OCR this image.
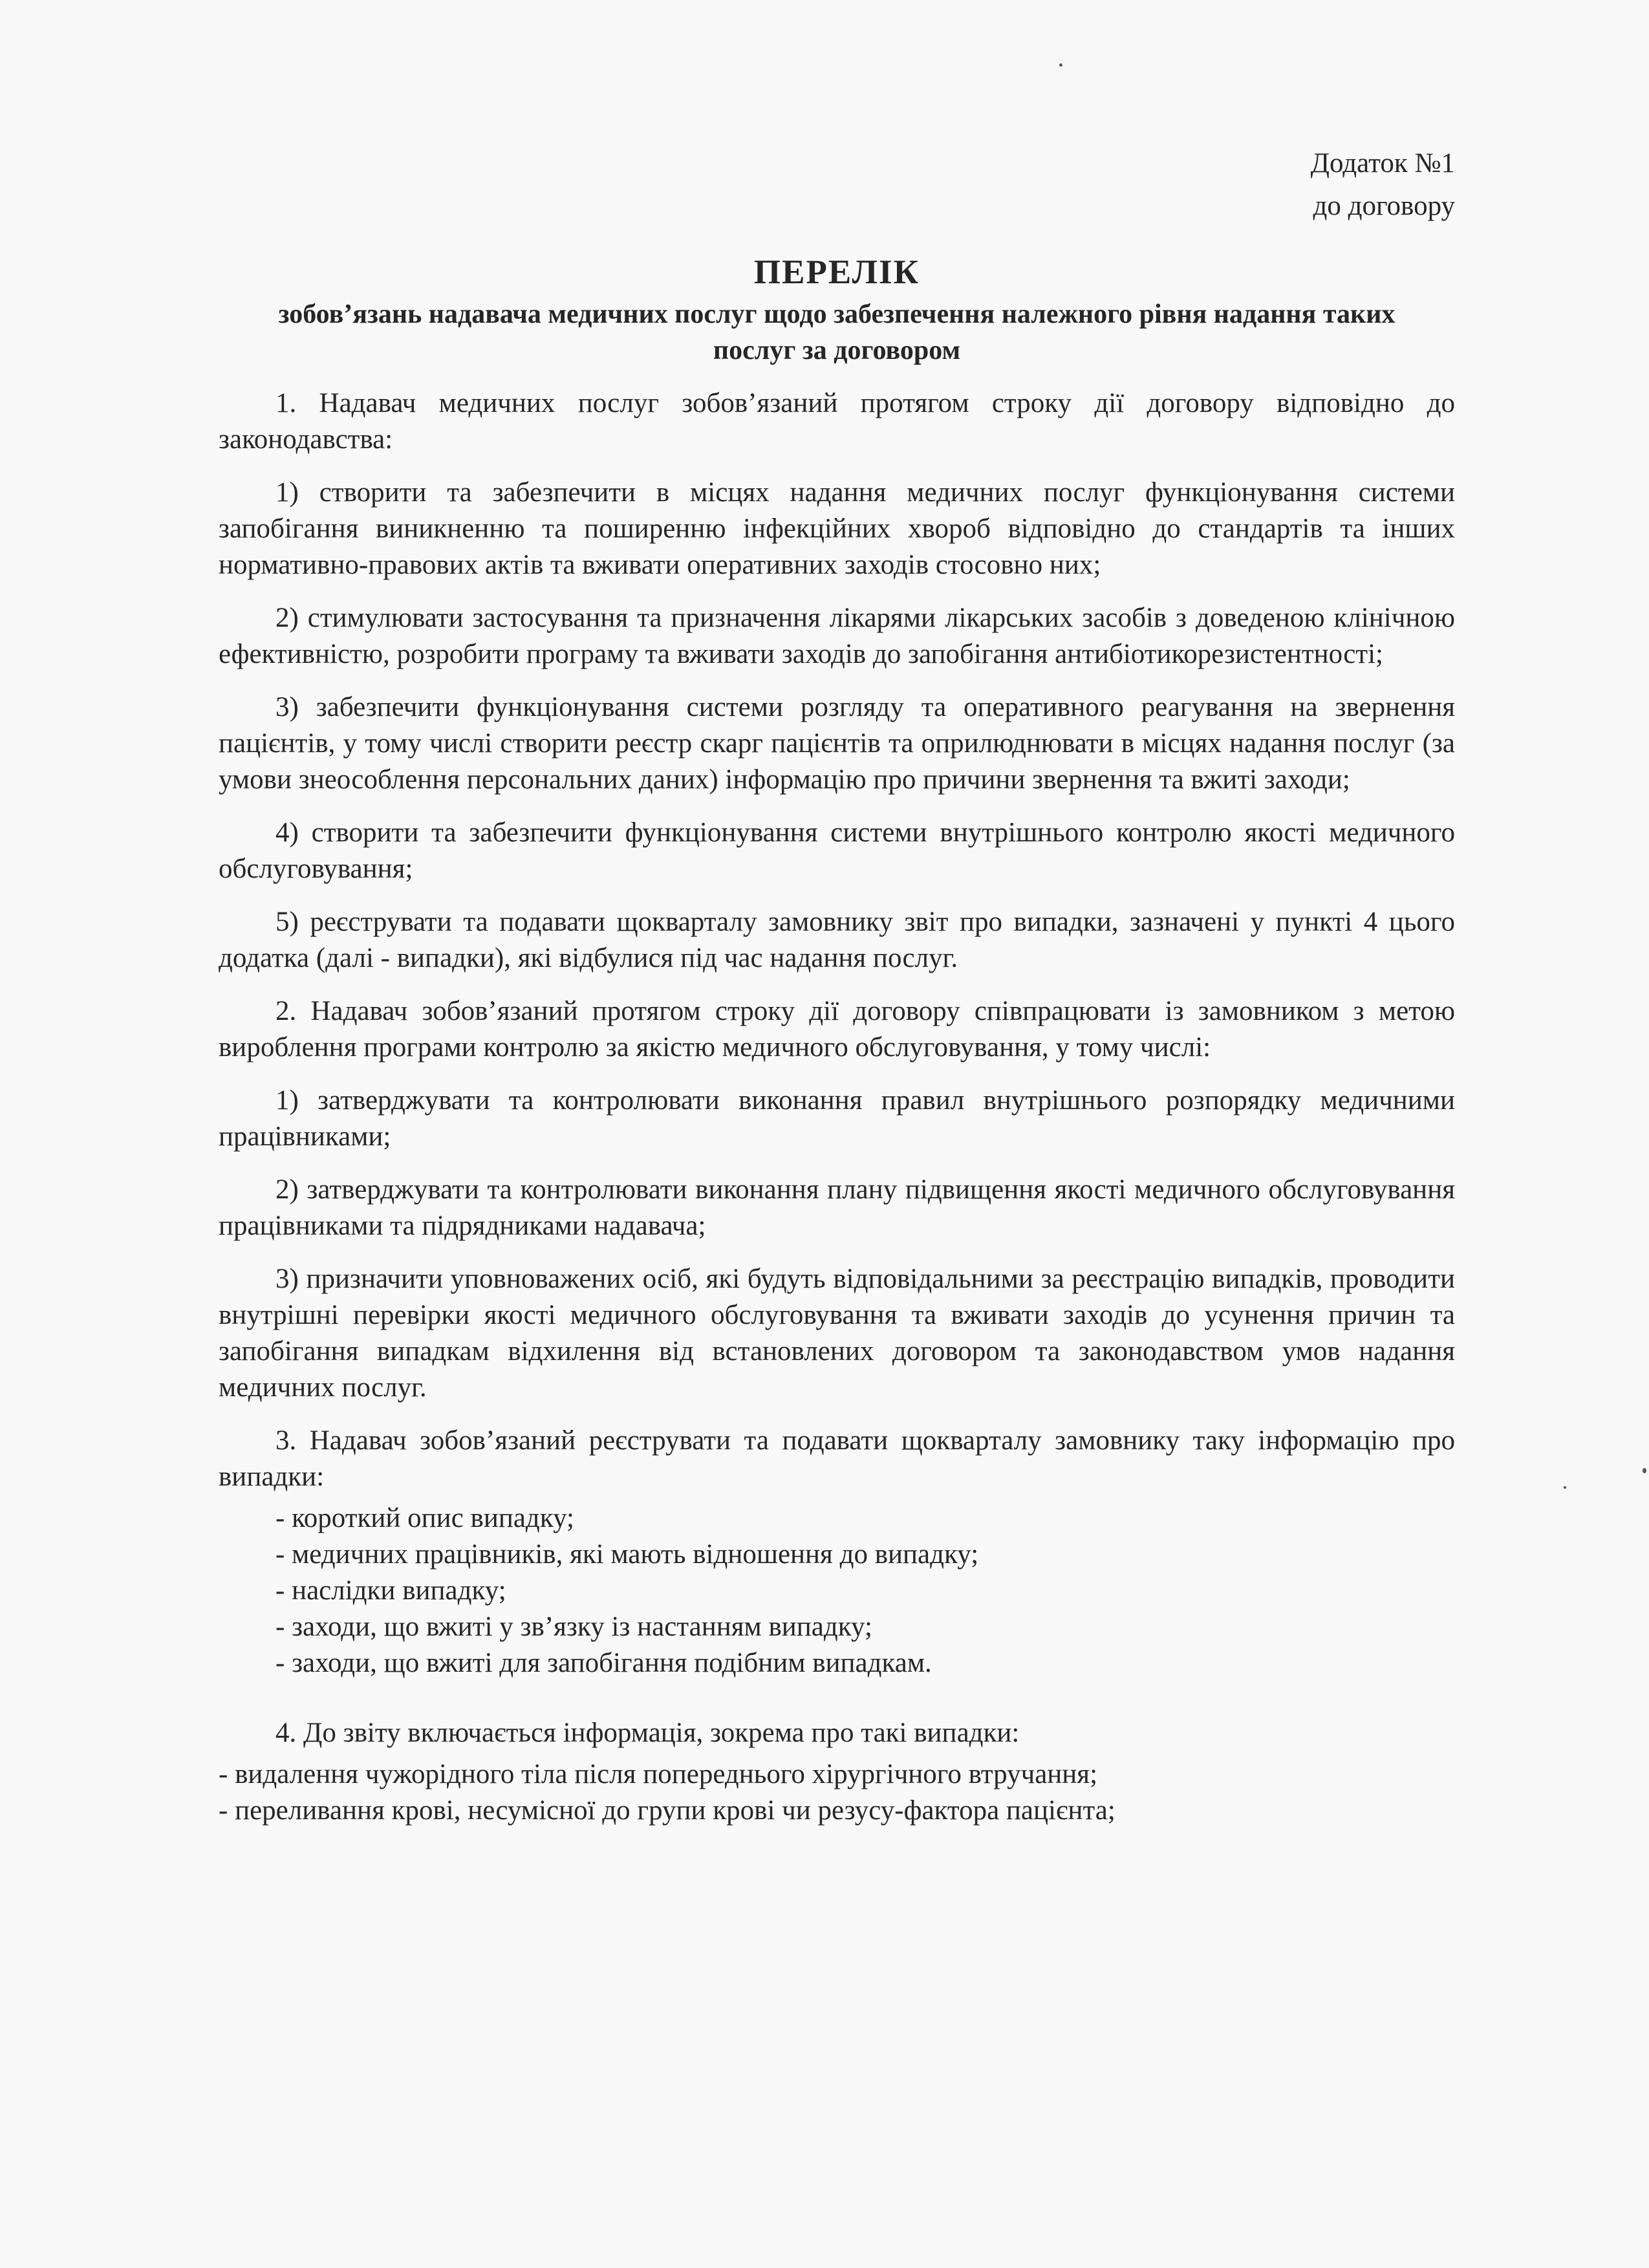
Додаток №1
до договору
ПЕРЕЛІК
зобов’язань надавача медичних послуг щодо забезпечення належного рівня надання таких послуг за договором

1. Надавач медичних послуг зобов’язаний протягом строку дії договору відповідно до законодавства:

1) створити та забезпечити в місцях надання медичних послуг функціонування системи запобігання виникненню та поширенню інфекційних хвороб відповідно до стандартів та інших нормативно-правових актів та вживати оперативних заходів стосовно них;

2) стимулювати застосування та призначення лікарями лікарських засобів з доведеною клінічною ефективністю, розробити програму та вживати заходів до запобігання антибіотикорезистентності;

3) забезпечити функціонування системи розгляду та оперативного реагування на звернення пацієнтів, у тому числі створити реєстр скарг пацієнтів та оприлюднювати в місцях надання послуг (за умови знеособлення персональних даних) інформацію про причини звернення та вжиті заходи;

4) створити та забезпечити функціонування системи внутрішнього контролю якості медичного обслуговування;

5) реєструвати та подавати щокварталу замовнику звіт про випадки, зазначені у пункті 4 цього додатка (далі - випадки), які відбулися під час надання послуг.

2. Надавач зобов’язаний протягом строку дії договору співпрацювати із замовником з метою вироблення програми контролю за якістю медичного обслуговування, у тому числі:

1) затверджувати та контролювати виконання правил внутрішнього розпорядку медичними працівниками;

2) затверджувати та контролювати виконання плану підвищення якості медичного обслуговування працівниками та підрядниками надавача;

3) призначити уповноважених осіб, які будуть відповідальними за реєстрацію випадків, проводити внутрішні перевірки якості медичного обслуговування та вживати заходів до усунення причин та запобігання випадкам відхилення від встановлених договором та законодавством умов надання медичних послуг.

3. Надавач зобов’язаний реєструвати та подавати щокварталу замовнику таку інформацію про випадки:

- короткий опис випадку;
- медичних працівників, які мають відношення до випадку;
- наслідки випадку;
- заходи, що вжиті у зв’язку із настанням випадку;
- заходи, що вжиті для запобігання подібним випадкам.

4. До звіту включається інформація, зокрема про такі випадки:

- видалення чужорідного тіла після попереднього хірургічного втручання;
- переливання крові, несумісної до групи крові чи резусу-фактора пацієнта;
